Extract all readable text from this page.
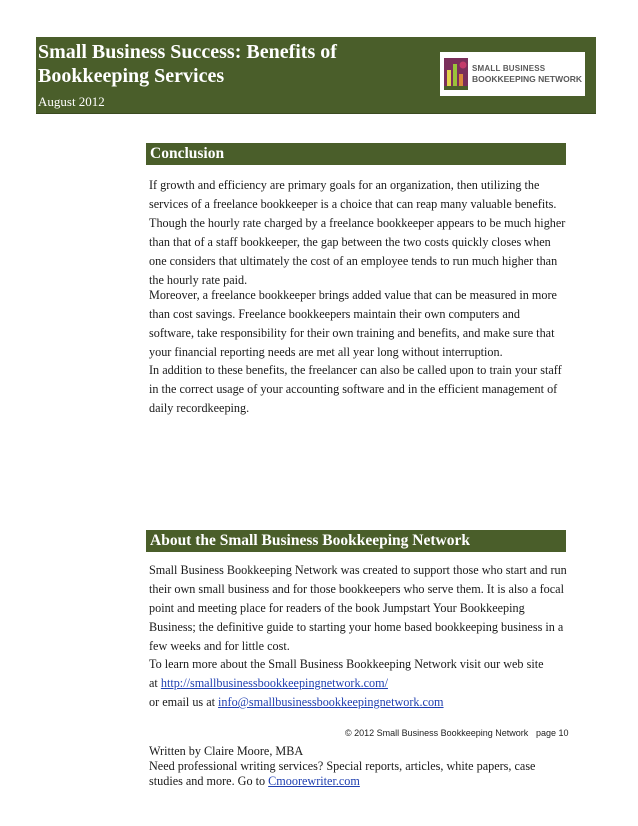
Small Business Success: Benefits of Bookkeeping Services
August 2012
SMALL BUSINESS
BOOKKEEPING NETWORK
Conclusion

If growth and efficiency are primary goals for an organization, then utilizing the services of a freelance bookkeeper is a choice that can reap many valuable benefits. Though the hourly rate charged by a freelance bookkeeper appears to be much higher than that of a staff bookkeeper, the gap between the two costs quickly closes when one considers that ultimately the cost of an employee tends to run much higher than the hourly rate paid.

Moreover, a freelance bookkeeper brings added value that can be measured in more than cost savings. Freelance bookkeepers maintain their own computers and software, take responsibility for their own training and benefits, and make sure that your financial reporting needs are met all year long without interruption.

In addition to these benefits, the freelancer can also be called upon to train your staff in the correct usage of your accounting software and in the efficient management of daily recordkeeping.

About the Small Business Bookkeeping Network

Small Business Bookkeeping Network was created to support those who start and run their own small business and for those bookkeepers who serve them. It is also a focal point and meeting place for readers of the book Jumpstart Your Bookkeeping Business; the definitive guide to starting your home based bookkeeping business in a few weeks and for little cost.

To learn more about the Small Business Bookkeeping Network visit our web site
at http://smallbusinessbookkeepingnetwork.com/
or email us at info@smallbusinessbookkeepingnetwork.com

© 2012 Small Business Bookkeeping Network page 10
Written by Claire Moore, MBA
Need professional writing services? Special reports, articles, white papers, case studies and more. Go to Cmoorewriter.com
